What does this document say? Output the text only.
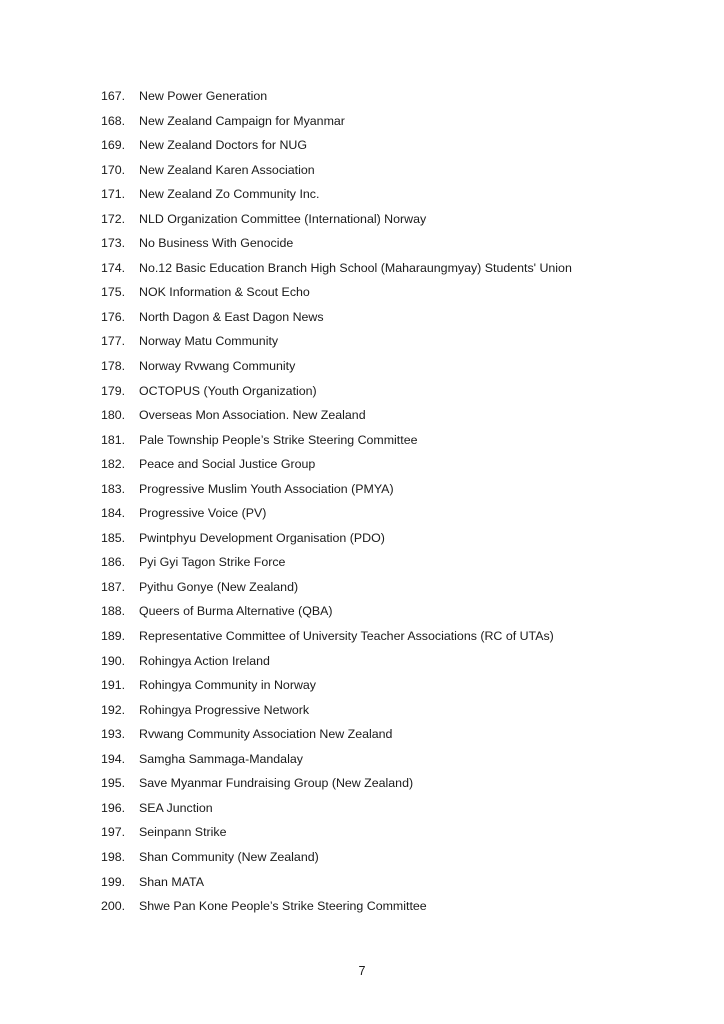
167.	New Power Generation
168.	New Zealand Campaign for Myanmar
169.	New Zealand Doctors for NUG
170.	New Zealand Karen Association
171.	New Zealand Zo Community Inc.
172.	NLD Organization Committee (International) Norway
173.	No Business With Genocide
174.	No.12 Basic Education Branch High School (Maharaungmyay) Students' Union
175.	NOK Information & Scout Echo
176.	North Dagon & East Dagon News
177.	Norway Matu Community
178.	Norway Rvwang Community
179.	OCTOPUS (Youth Organization)
180.	Overseas Mon Association. New Zealand
181.	Pale Township People’s Strike Steering Committee
182.	Peace and Social Justice Group
183.	Progressive Muslim Youth Association (PMYA)
184.	Progressive Voice (PV)
185.	Pwintphyu Development Organisation (PDO)
186.	Pyi Gyi Tagon Strike Force
187.	Pyithu Gonye (New Zealand)
188.	Queers of Burma Alternative (QBA)
189.	Representative Committee of University Teacher Associations (RC of UTAs)
190.	Rohingya Action Ireland
191.	Rohingya Community in Norway
192.	Rohingya Progressive Network
193.	Rvwang Community Association New Zealand
194.	Samgha Sammaga-Mandalay
195.	Save Myanmar Fundraising Group (New Zealand)
196.	SEA Junction
197.	Seinpann Strike
198.	Shan Community (New Zealand)
199.	Shan MATA
200.	Shwe Pan Kone People’s Strike Steering Committee
7
